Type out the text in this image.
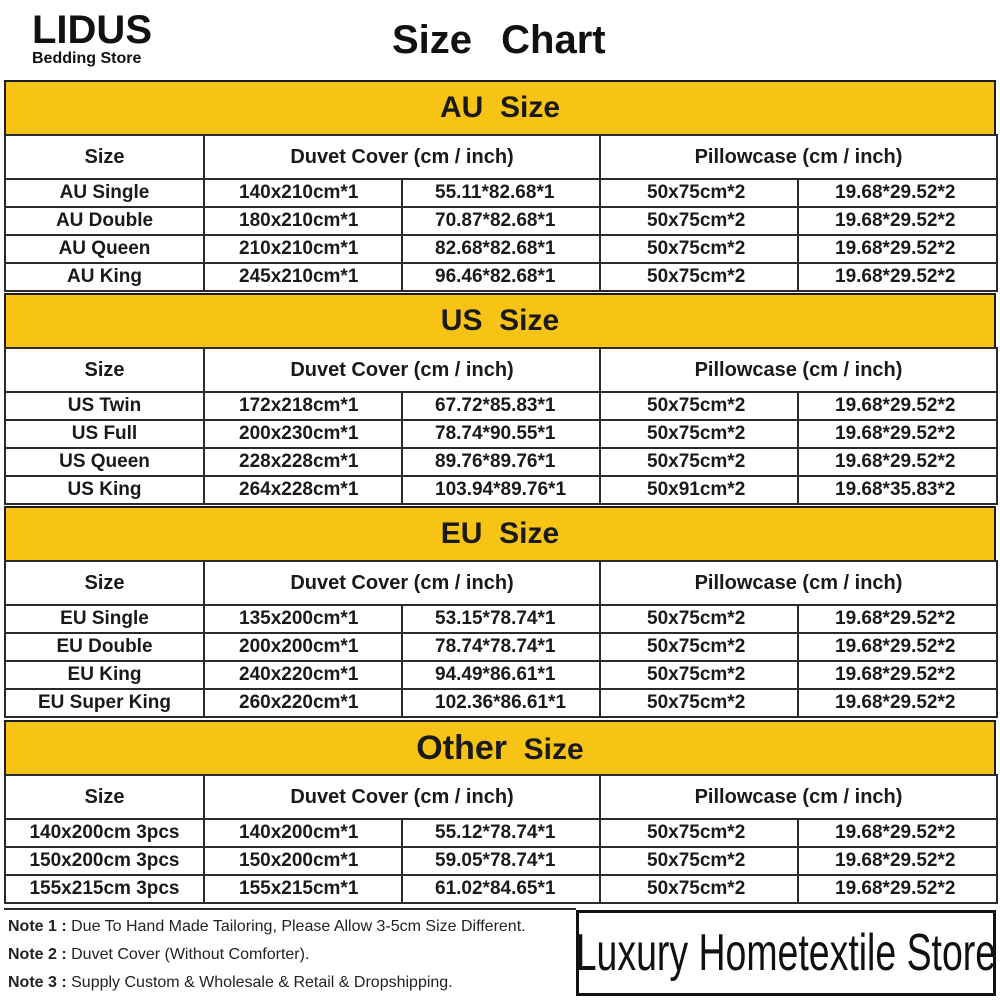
LIDUS
Bedding Store	Size Chart
AU Size
Size	Duvet Cover (cm / inch)		Pillowcase (cm / inch)	
AU Single	140x210cm*1	55.11*82.68*1	50x75cm*2	19.68*29.52*2
AU Double	180x210cm*1	70.87*82.68*1	50x75cm*2	19.68*29.52*2
AU Queen	210x210cm*1	82.68*82.68*1	50x75cm*2	19.68*29.52*2
AU King	245x210cm*1	96.46*82.68*1	50x75cm*2	19.68*29.52*2
US Size
Size	Duvet Cover (cm / inch)		Pillowcase (cm / inch)	
US Twin	172x218cm*1	67.72*85.83*1	50x75cm*2	19.68*29.52*2
US Full	200x230cm*1	78.74*90.55*1	50x75cm*2	19.68*29.52*2
US Queen	228x228cm*1	89.76*89.76*1	50x75cm*2	19.68*29.52*2
US King	264x228cm*1	103.94*89.76*1	50x91cm*2	19.68*35.83*2
EU Size
Size	Duvet Cover (cm / inch)		Pillowcase (cm / inch)	
EU Single	135x200cm*1	53.15*78.74*1	50x75cm*2	19.68*29.52*2
EU Double	200x200cm*1	78.74*78.74*1	50x75cm*2	19.68*29.52*2
EU King	240x220cm*1	94.49*86.61*1	50x75cm*2	19.68*29.52*2
EU Super King	260x220cm*1	102.36*86.61*1	50x75cm*2	19.68*29.52*2
Other Size
Size	Duvet Cover (cm / inch)		Pillowcase (cm / inch)	
140x200cm 3pcs	140x200cm*1	55.12*78.74*1	50x75cm*2	19.68*29.52*2
150x200cm 3pcs	150x200cm*1	59.05*78.74*1	50x75cm*2	19.68*29.52*2
155x215cm 3pcs	155x215cm*1	61.02*84.65*1	50x75cm*2	19.68*29.52*2
Note 1 : Due To Hand Made Tailoring, Please Allow 3-5cm Size Different.
Note 2 : Duvet Cover (Without Comforter).
Note 3 : Supply Custom & Wholesale & Retail & Dropshipping.
Luxury Hometextile Store
